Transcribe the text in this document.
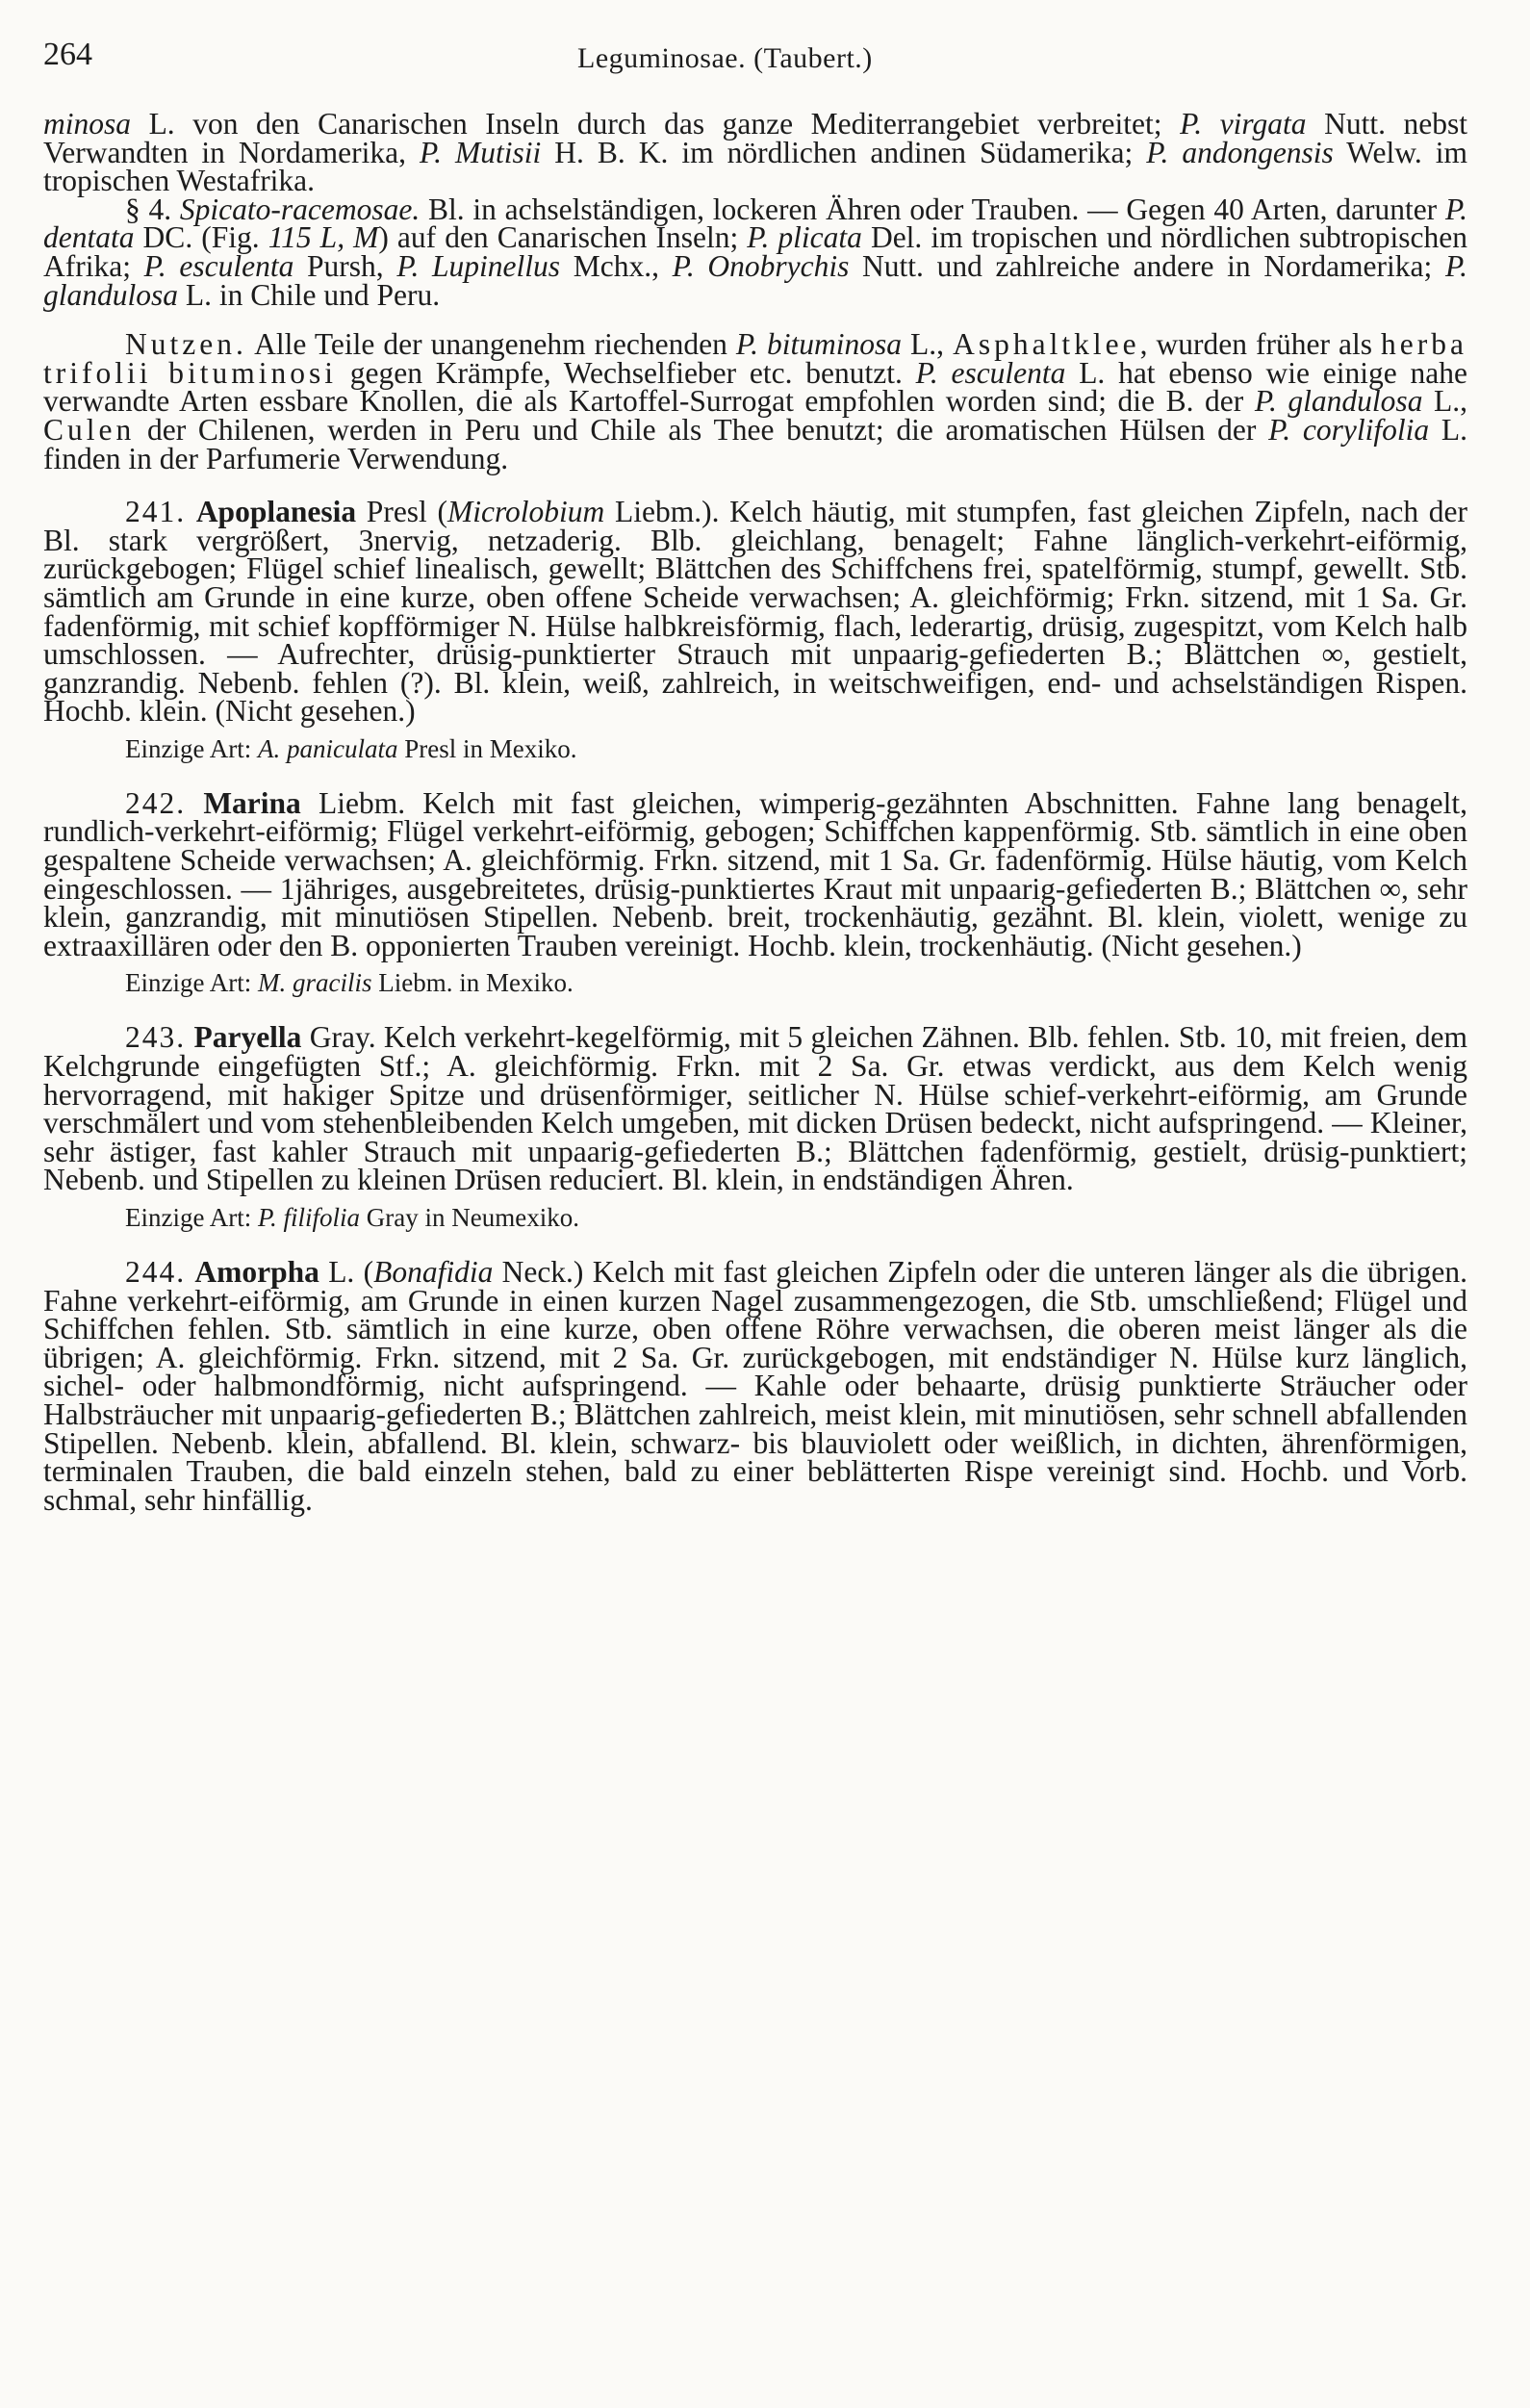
264	Leguminosae. (Taubert.)

minosa L. von den Canarischen Inseln durch das ganze Mediterrangebiet verbreitet; P. virgata Nutt. nebst Verwandten in Nordamerika, P. Mutisii H. B. K. im nördlichen andinen Südamerika; P. andongensis Welw. im tropischen Westafrika.

§ 4. Spicato-racemosae. Bl. in achselständigen, lockeren Ähren oder Trauben. — Gegen 40 Arten, darunter P. dentata DC. (Fig. 115 L, M) auf den Canarischen Inseln; P. plicata Del. im tropischen und nördlichen subtropischen Afrika; P. esculenta Pursh, P. Lupinellus Mchx., P. Onobrychis Nutt. und zahlreiche andere in Nordamerika; P. glandulosa L. in Chile und Peru.

Nutzen. Alle Teile der unangenehm riechenden P. bituminosa L., Asphaltklee, wurden früher als herba trifolii bituminosi gegen Krämpfe, Wechselfieber etc. benutzt. P. esculenta L. hat ebenso wie einige nahe verwandte Arten essbare Knollen, die als Kartoffel-Surrogat empfohlen worden sind; die B. der P. glandulosa L., Culen der Chilenen, werden in Peru und Chile als Thee benutzt; die aromatischen Hülsen der P. corylifolia L. finden in der Parfumerie Verwendung.

241. Apoplanesia Presl (Microlobium Liebm.). Kelch häutig, mit stumpfen, fast gleichen Zipfeln, nach der Bl. stark vergrößert, 3nervig, netzaderig. Blb. gleichlang, benagelt; Fahne länglich-verkehrt-eiförmig, zurückgebogen; Flügel schief linealisch, gewellt; Blättchen des Schiffchens frei, spatelförmig, stumpf, gewellt. Stb. sämtlich am Grunde in eine kurze, oben offene Scheide verwachsen; A. gleichförmig; Frkn. sitzend, mit 1 Sa. Gr. fadenförmig, mit schief kopfförmiger N. Hülse halbkreisförmig, flach, lederartig, drüsig, zugespitzt, vom Kelch halb umschlossen. — Aufrechter, drüsig-punktierter Strauch mit unpaarig-gefiederten B.; Blättchen ∞, gestielt, ganzrandig. Nebenb. fehlen (?). Bl. klein, weiß, zahlreich, in weitschweifigen, end- und achselständigen Rispen. Hochb. klein. (Nicht gesehen.)

Einzige Art: A. paniculata Presl in Mexiko.

242. Marina Liebm. Kelch mit fast gleichen, wimperig-gezähnten Abschnitten. Fahne lang benagelt, rundlich-verkehrt-eiförmig; Flügel verkehrt-eiförmig, gebogen; Schiffchen kappenförmig. Stb. sämtlich in eine oben gespaltene Scheide verwachsen; A. gleichförmig. Frkn. sitzend, mit 1 Sa. Gr. fadenförmig. Hülse häutig, vom Kelch eingeschlossen. — 1jähriges, ausgebreitetes, drüsig-punktiertes Kraut mit unpaarig-gefiederten B.; Blättchen ∞, sehr klein, ganzrandig, mit minutiösen Stipellen. Nebenb. breit, trockenhäutig, gezähnt. Bl. klein, violett, wenige zu extraaxillären oder den B. opponierten Trauben vereinigt. Hochb. klein, trockenhäutig. (Nicht gesehen.)

Einzige Art: M. gracilis Liebm. in Mexiko.

243. Paryella Gray. Kelch verkehrt-kegelförmig, mit 5 gleichen Zähnen. Blb. fehlen. Stb. 10, mit freien, dem Kelchgrunde eingefügten Stf.; A. gleichförmig. Frkn. mit 2 Sa. Gr. etwas verdickt, aus dem Kelch wenig hervorragend, mit hakiger Spitze und drüsenförmiger, seitlicher N. Hülse schief-verkehrt-eiförmig, am Grunde verschmälert und vom stehenbleibenden Kelch umgeben, mit dicken Drüsen bedeckt, nicht aufspringend. — Kleiner, sehr ästiger, fast kahler Strauch mit unpaarig-gefiederten B.; Blättchen fadenförmig, gestielt, drüsig-punktiert; Nebenb. und Stipellen zu kleinen Drüsen reduciert. Bl. klein, in endständigen Ähren.

Einzige Art: P. filifolia Gray in Neumexiko.

244. Amorpha L. (Bonafidia Neck.) Kelch mit fast gleichen Zipfeln oder die unteren länger als die übrigen. Fahne verkehrt-eiförmig, am Grunde in einen kurzen Nagel zusammengezogen, die Stb. umschließend; Flügel und Schiffchen fehlen. Stb. sämtlich in eine kurze, oben offene Röhre verwachsen, die oberen meist länger als die übrigen; A. gleichförmig. Frkn. sitzend, mit 2 Sa. Gr. zurückgebogen, mit endständiger N. Hülse kurz länglich, sichel- oder halbmondförmig, nicht aufspringend. — Kahle oder behaarte, drüsig punktierte Sträucher oder Halbsträucher mit unpaarig-gefiederten B.; Blättchen zahlreich, meist klein, mit minutiösen, sehr schnell abfallenden Stipellen. Nebenb. klein, abfallend. Bl. klein, schwarz- bis blauviolett oder weißlich, in dichten, ährenförmigen, terminalen Trauben, die bald einzeln stehen, bald zu einer beblätterten Rispe vereinigt sind. Hochb. und Vorb. schmal, sehr hinfällig.
